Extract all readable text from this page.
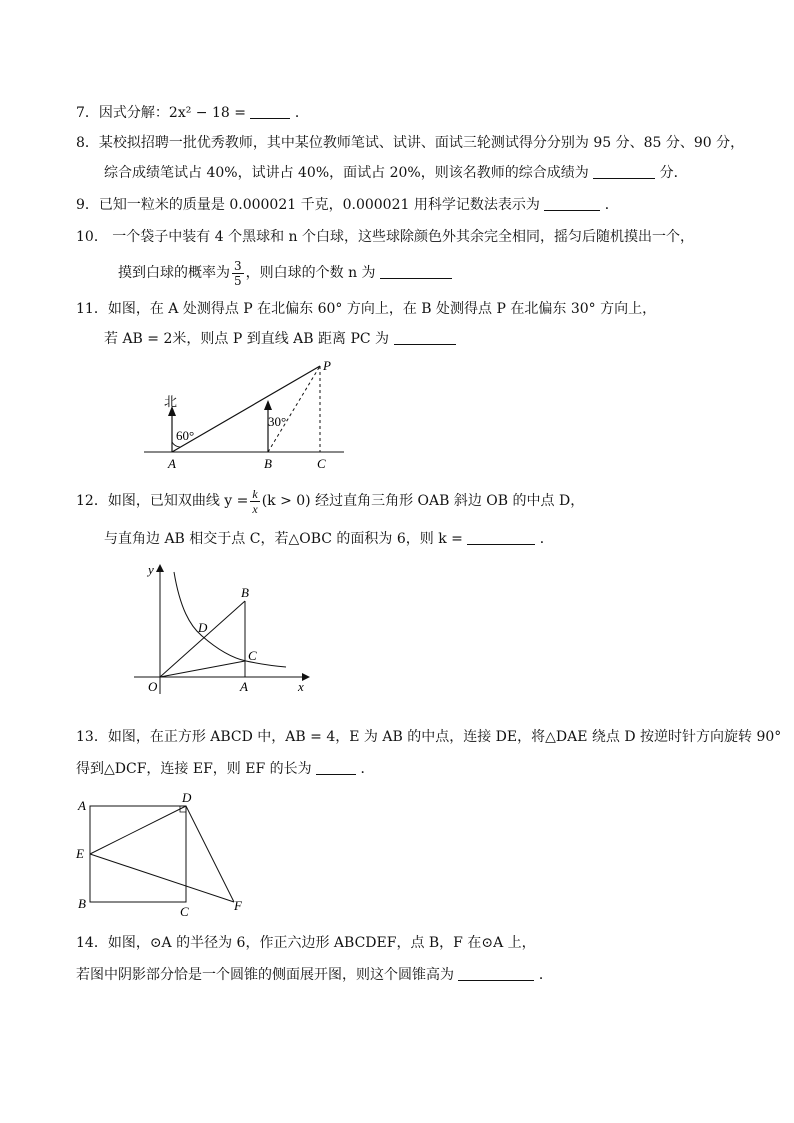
7．因式分解：2x² − 18 =	．
8．某校拟招聘一批优秀教师，其中某位教师笔试、试讲、面试三轮测试得分分别为 95 分、85 分、90 分，
综合成绩笔试占 40%，试讲占 40%，面试占 20%，则该名教师的综合成绩为	分．
9．已知一粒米的质量是 0.000021 千克，0.000021 用科学记数法表示为	．
10． 一个袋子中装有 4 个黑球和 n 个白球，这些球除颜色外其余完全相同，摇匀后随机摸出一个，
摸到白球的概率为 $\frac{3}{5}$ ，则白球的个数 n 为
11．如图，在 A 处测得点 P 在北偏东 60° 方向上，在 B 处测得点 P 在北偏东 30° 方向上，
若 AB = 2米，则点 P 到直线 AB 距离 PC 为
北
60°
30°
A	B	C
P
12．如图，已知双曲线 $y = \frac{k}{x} (k > 0)$ 经过直角三角形 OAB 斜边 OB 的中点 D，
与直角边 AB 相交于点 C，若△OBC 的面积为 6，则 k =	．
O	A
B
C
D
y
x
13．如图，在正方形 ABCD 中，AB = 4，E 为 AB 的中点，连接 DE，将△DAE 绕点 D 按逆时针方向旋转 90°
得到△DCF，连接 EF，则 EF 的长为	．
A
B
C
D
E
F
14．如图，⊙A 的半径为 6，作正六边形 ABCDEF，点 B，F 在⊙A 上，
若图中阴影部分恰是一个圆锥的侧面展开图，则这个圆锥高为	．
